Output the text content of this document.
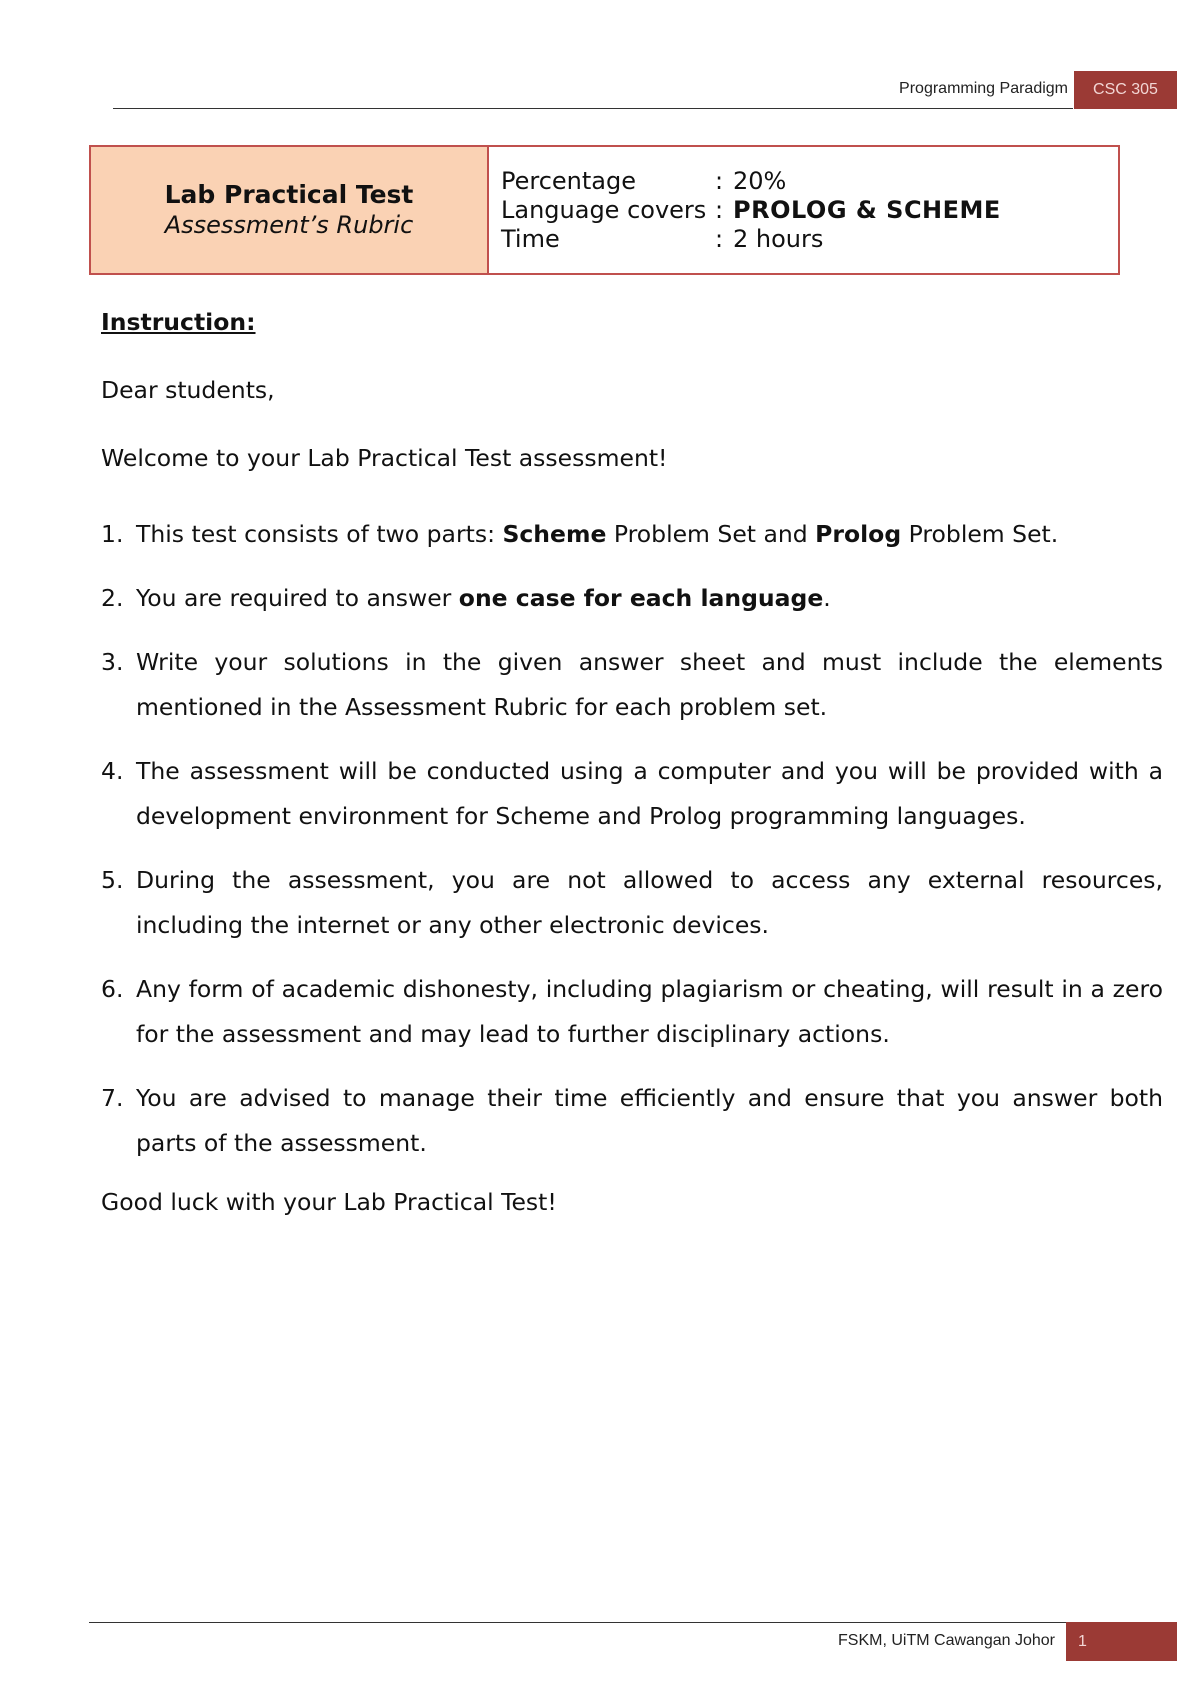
Programming Paradigm	CSC 305
Lab Practical Test
Assessment’s Rubric
Percentage	: 20%
Language covers : PROLOG & SCHEME
Time	: 2 hours
Instruction:
Dear students,
Welcome to your Lab Practical Test assessment!
1. This test consists of two parts: Scheme Problem Set and Prolog Problem Set.
2. You are required to answer one case for each language.
3. Write your solutions in the given answer sheet and must include the elements mentioned in the Assessment Rubric for each problem set.
4. The assessment will be conducted using a computer and you will be provided with a development environment for Scheme and Prolog programming languages.
5. During the assessment, you are not allowed to access any external resources, including the internet or any other electronic devices.
6. Any form of academic dishonesty, including plagiarism or cheating, will result in a zero for the assessment and may lead to further disciplinary actions.
7. You are advised to manage their time efficiently and ensure that you answer both parts of the assessment.
Good luck with your Lab Practical Test!
FSKM, UiTM Cawangan Johor	1
